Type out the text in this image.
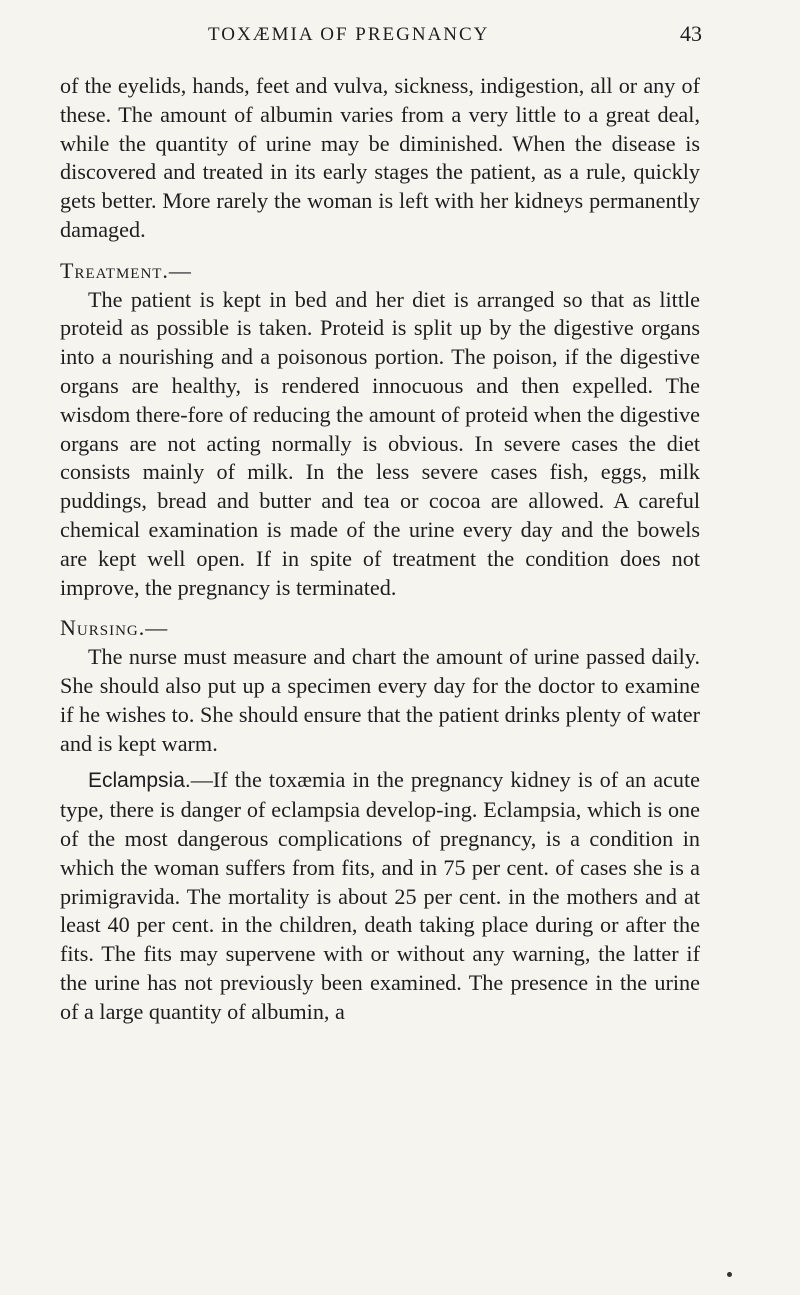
TOXÆMIA OF PREGNANCY	43

of the eyelids, hands, feet and vulva, sickness, indigestion, all or any of these. The amount of albumin varies from a very little to a great deal, while the quantity of urine may be diminished. When the disease is discovered and treated in its early stages the patient, as a rule, quickly gets better. More rarely the woman is left with her kidneys permanently damaged.

Treatment.—

The patient is kept in bed and her diet is arranged so that as little proteid as possible is taken. Proteid is split up by the digestive organs into a nourishing and a poisonous portion. The poison, if the digestive organs are healthy, is rendered innocuous and then expelled. The wisdom there-fore of reducing the amount of proteid when the digestive organs are not acting normally is obvious. In severe cases the diet consists mainly of milk. In the less severe cases fish, eggs, milk puddings, bread and butter and tea or cocoa are allowed. A careful chemical examination is made of the urine every day and the bowels are kept well open. If in spite of treatment the condition does not improve, the pregnancy is terminated.

Nursing.—

The nurse must measure and chart the amount of urine passed daily. She should also put up a specimen every day for the doctor to examine if he wishes to. She should ensure that the patient drinks plenty of water and is kept warm.

Eclampsia.—If the toxæmia in the pregnancy kidney is of an acute type, there is danger of eclampsia develop-ing. Eclampsia, which is one of the most dangerous complications of pregnancy, is a condition in which the woman suffers from fits, and in 75 per cent. of cases she is a primigravida. The mortality is about 25 per cent. in the mothers and at least 40 per cent. in the children, death taking place during or after the fits. The fits may supervene with or without any warning, the latter if the urine has not previously been examined. The presence in the urine of a large quantity of albumin, a
